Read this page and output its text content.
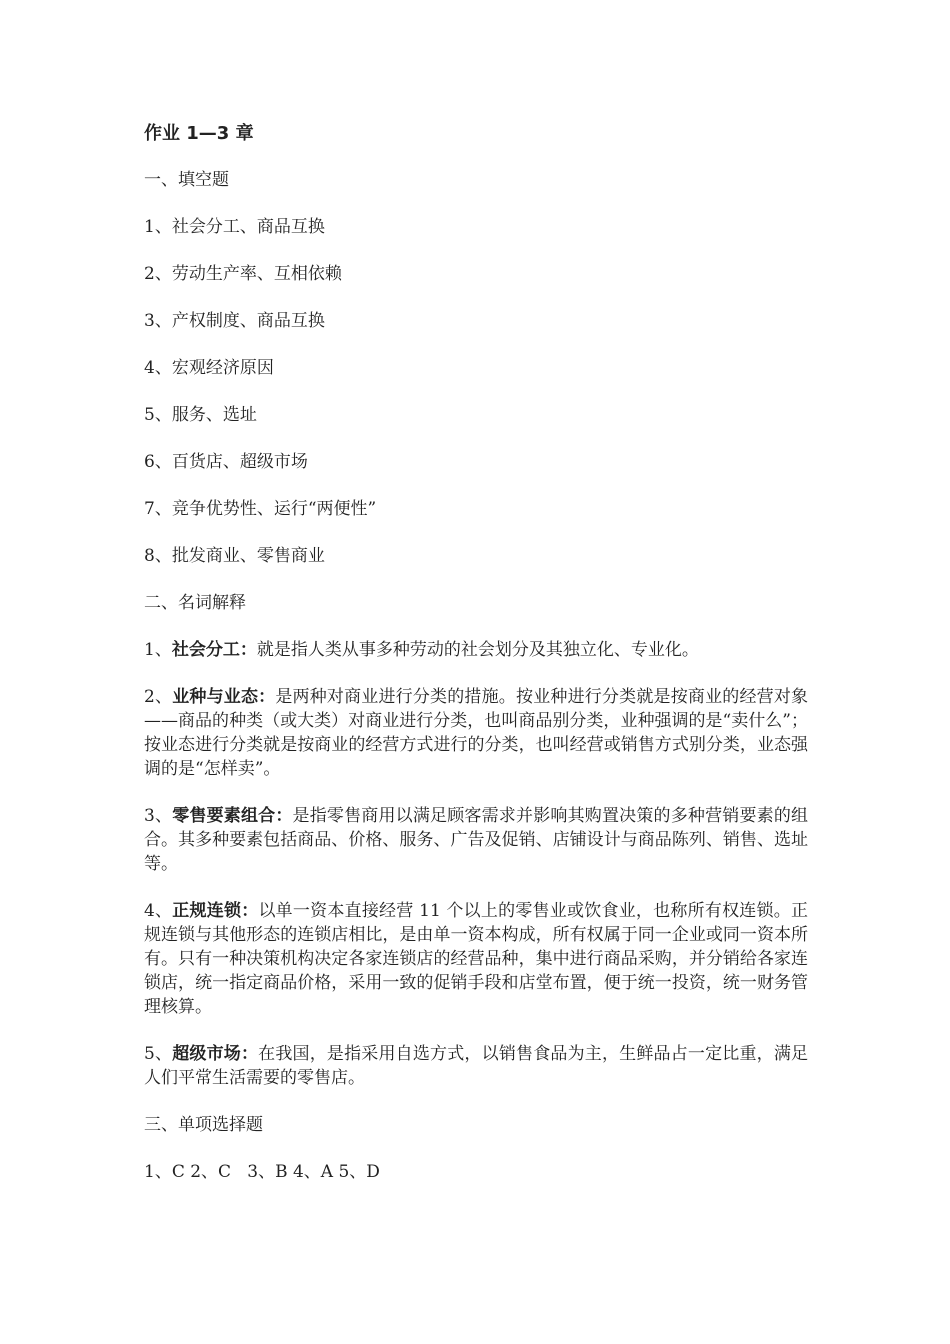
作业 1—3 章
一、填空题
1、社会分工、商品互换
2、劳动生产率、互相依赖
3、产权制度、商品互换
4、宏观经济原因
5、服务、选址
6、百货店、超级市场
7、竞争优势性、运行“两便性”
8、批发商业、零售商业
二、名词解释
1、社会分工：就是指人类从事多种劳动的社会划分及其独立化、专业化。
2、业种与业态：是两种对商业进行分类的措施。按业种进行分类就是按商业的经营对象——商品的种类（或大类）对商业进行分类，也叫商品别分类，业种强调的是“卖什么”；按业态进行分类就是按商业的经营方式进行的分类，也叫经营或销售方式别分类，业态强调的是“怎样卖”。
3、零售要素组合：是指零售商用以满足顾客需求并影响其购置决策的多种营销要素的组合。其多种要素包括商品、价格、服务、广告及促销、店铺设计与商品陈列、销售、选址等。
4、正规连锁：以单一资本直接经营 11 个以上的零售业或饮食业，也称所有权连锁。正规连锁与其他形态的连锁店相比，是由单一资本构成，所有权属于同一企业或同一资本所有。只有一种决策机构决定各家连锁店的经营品种，集中进行商品采购，并分销给各家连锁店，统一指定商品价格，采用一致的促销手段和店堂布置，便于统一投资，统一财务管理核算。
5、超级市场：在我国，是指采用自选方式，以销售食品为主，生鲜品占一定比重，满足人们平常生活需要的零售店。
三、单项选择题
1、C 2、C   3、B 4、A 5、D
